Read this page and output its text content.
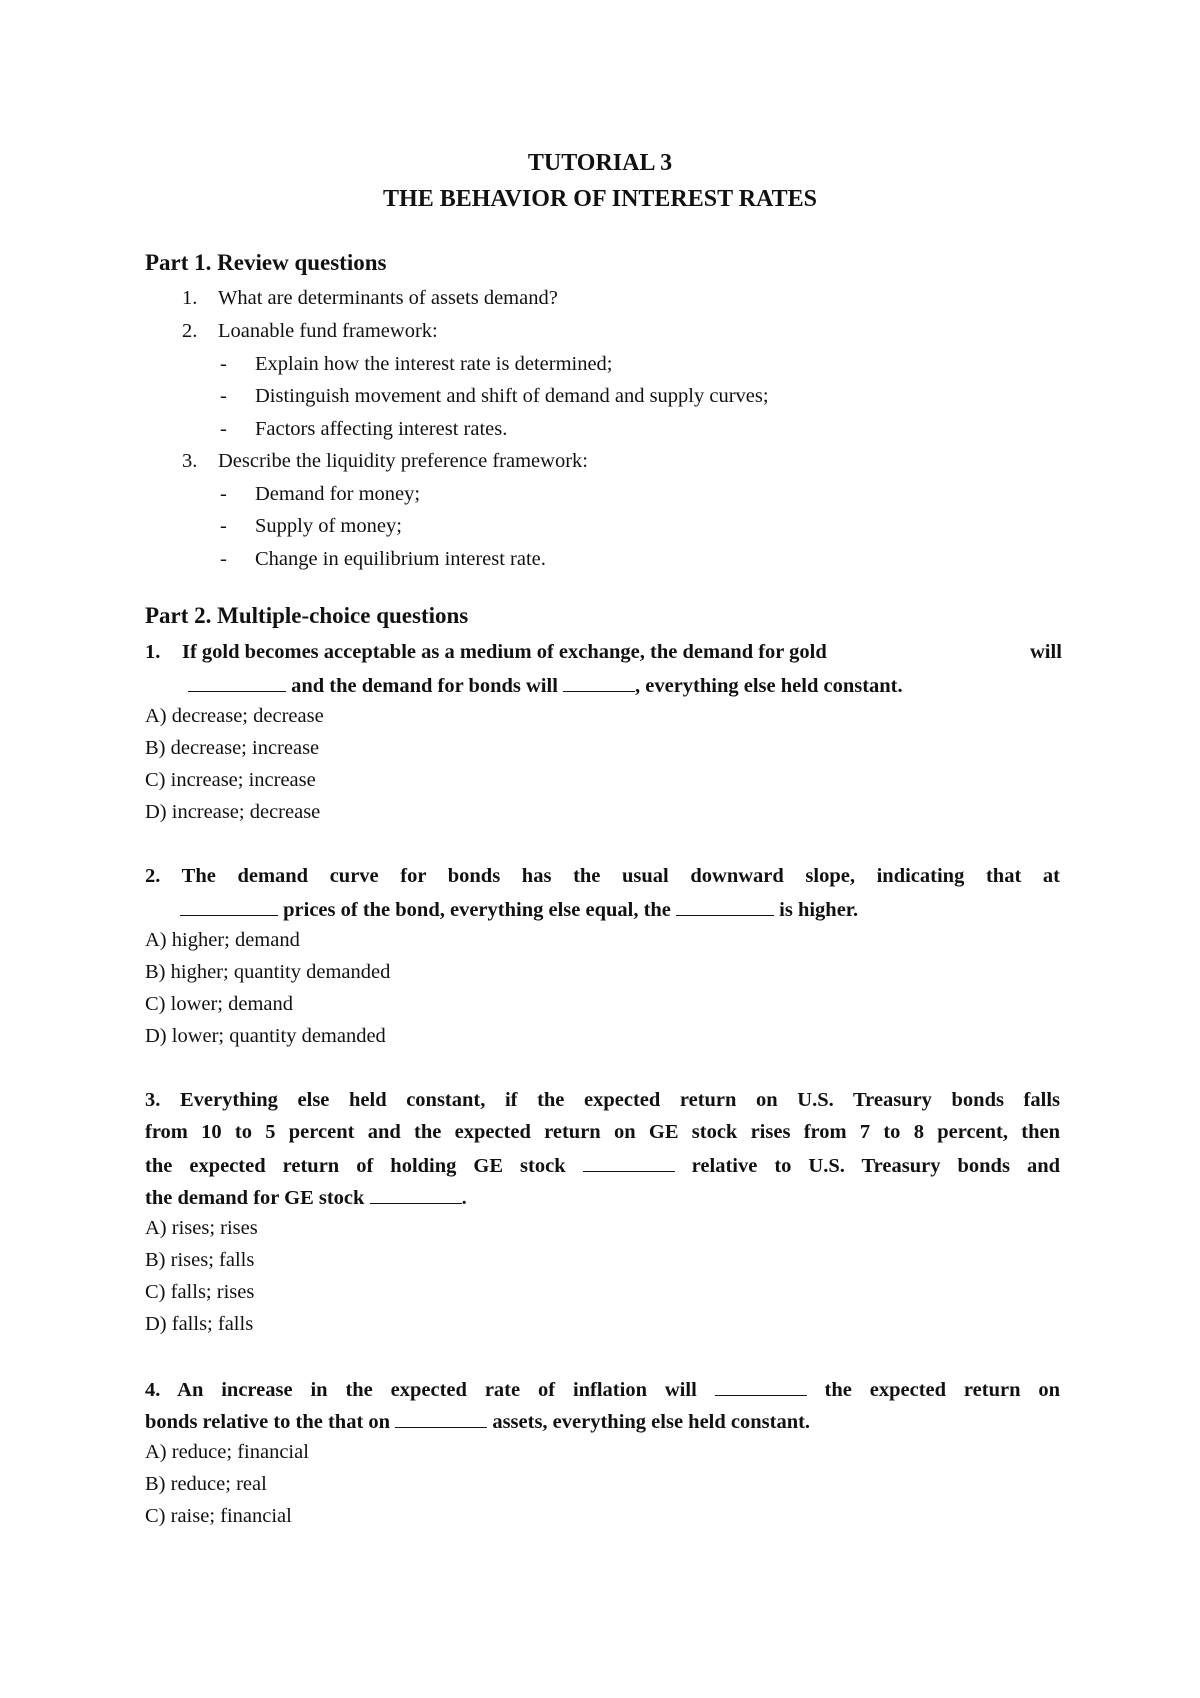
TUTORIAL 3
THE BEHAVIOR OF INTEREST RATES
Part 1. Review questions
1. What are determinants of assets demand?
2. Loanable fund framework:
- Explain how the interest rate is determined;
- Distinguish movement and shift of demand and supply curves;
- Factors affecting interest rates.
3. Describe the liquidity preference framework:
- Demand for money;
- Supply of money;
- Change in equilibrium interest rate.
Part 2. Multiple-choice questions
1. If gold becomes acceptable as a medium of exchange, the demand for gold	will
and the demand for bonds will	, everything else held constant.
A) decrease; decrease
B) decrease; increase
C) increase; increase
D) increase; decrease
2. The demand curve for bonds has the usual downward slope, indicating that at
prices of the bond, everything else equal, the	is higher.
A) higher; demand
B) higher; quantity demanded
C) lower; demand
D) lower; quantity demanded
3. Everything else held constant, if the expected return on U.S. Treasury bonds falls
from 10 to 5 percent and the expected return on GE stock rises from 7 to 8 percent, then
the expected return of holding GE stock	relative to U.S. Treasury bonds and
the demand for GE stock	.
A) rises; rises
B) rises; falls
C) falls; rises
D) falls; falls
4. An increase in the expected rate of inflation will	the expected return on
bonds relative to the that on	assets, everything else held constant.
A) reduce; financial
B) reduce; real
C) raise; financial
